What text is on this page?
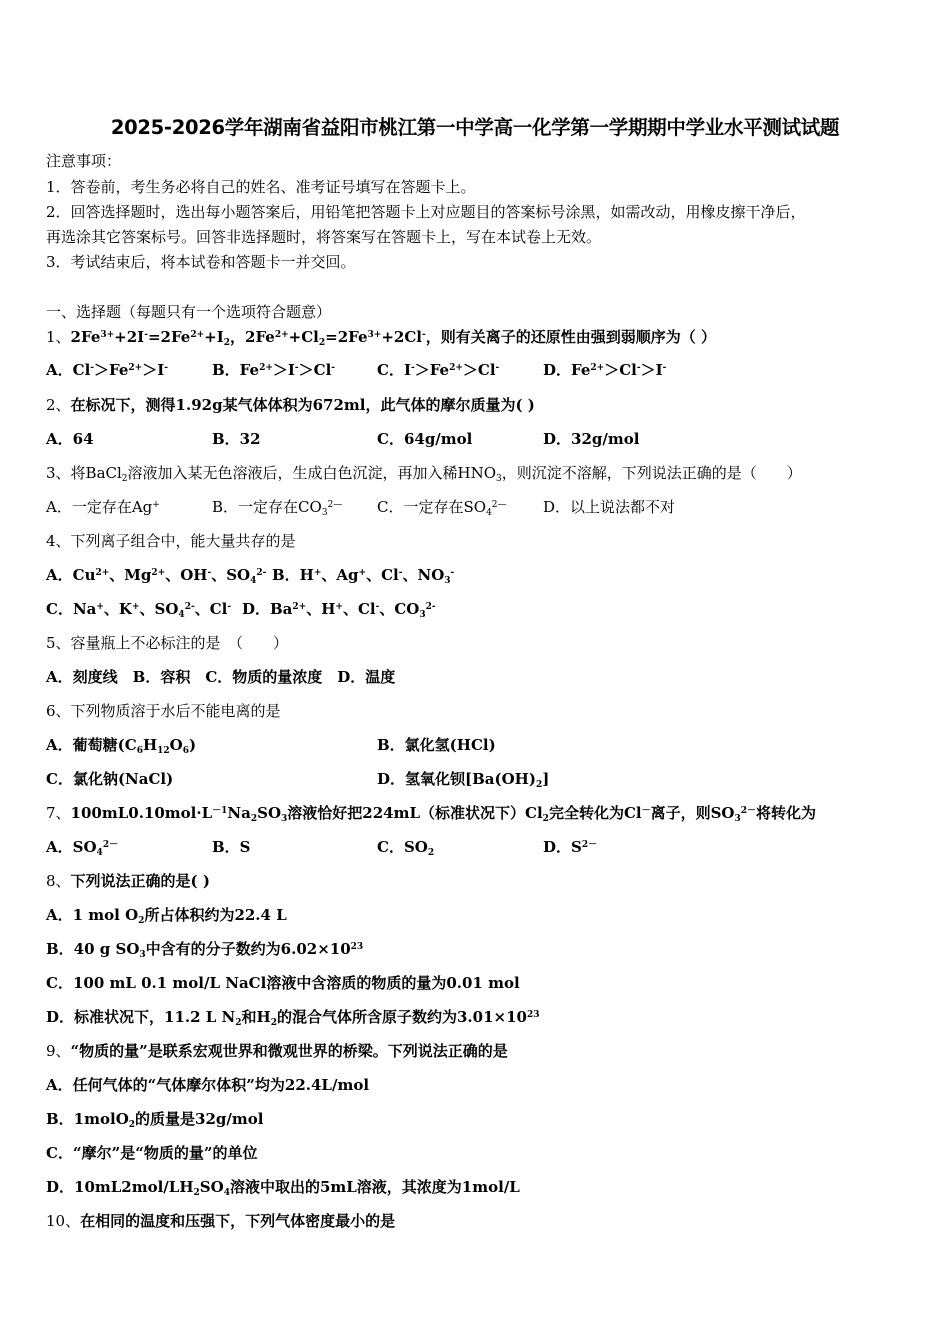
2025-2026学年湖南省益阳市桃江第一中学高一化学第一学期期中学业水平测试试题
注意事项：
1．答卷前，考生务必将自己的姓名、准考证号填写在答题卡上。
2．回答选择题时，选出每小题答案后，用铅笔把答题卡上对应题目的答案标号涂黑，如需改动，用橡皮擦干净后，
再选涂其它答案标号。回答非选择题时，将答案写在答题卡上，写在本试卷上无效。
3．考试结束后，将本试卷和答题卡一并交回。
一、选择题（每题只有一个选项符合题意）
1、$2Fe^{3+}+2I^-=2Fe^{2+}+I_2$，$2Fe^{2+}+Cl_2=2Fe^{3+}+2Cl^-$，则有关离子的还原性由强到弱顺序为（ ）
A．$Cl^->Fe^{2+}>I^-$	B．$Fe^{2+}>I^->Cl^-$	C．$I^->Fe^{2+}>Cl^-$	D．$Fe^{2+}>Cl^->I^-$
2、在标况下，测得1.92g某气体体积为672ml，此气体的摩尔质量为( )
A．64	B．32	C．64g/mol	D．32g/mol
3、将BaCl$_2$溶液加入某无色溶液后，生成白色沉淀，再加入稀$HNO_3$，则沉淀不溶解，下列说法正确的是（　　）
A．一定存在Ag+	B．一定存在$CO_3^{2—}$ C．一定存在$SO_4^{2—}$ D．以上说法都不对
4、下列离子组合中，能大量共存的是
A．$Cu^{2+}$、$Mg^{2+}$、OH-、$SO_4^{2-}$ B．H+、Ag+、Cl-、$NO_3^-$
C．Na+、K+、$SO_4^{2-}$、Cl- D．$Ba^{2+}$、H+、Cl-、$CO_3^{2-}$
5、容量瓶上不必标注的是　（　　）
A．刻度线　B．容积　C．物质的量浓度　D．温度
6、下列物质溶于水后不能电离的是
A．葡萄糖$(C_6H_{12}O_6)$	B．氯化氢(HCl)
C．氯化钠(NaCl)	D．氢氧化钡$[Ba(OH)_2]$
7、$100mL0.10mol\cdot L^{-1}Na_2SO_3$溶液恰好把224mL（标准状况下）$Cl_2$完全转化为Cl－离子，则$SO_3^{2-}$将转化为
A．$SO_4^{2-}$	B．S	C．$SO_2$	D．$S^{2-}$
8、下列说法正确的是( )
A．1 mol $O_2$所占体积约为22.4 L
B．40 g $SO_3$中含有的分子数约为$6.02\times 10^{23}$
C．100 mL 0.1 mol/L NaCl溶液中含溶质的物质的量为0.01 mol
D．标准状况下，11.2 L $N_2$和$H_2$的混合气体所含原子数约为$3.01\times 10^{23}$
9、“物质的量”是联系宏观世界和微观世界的桥梁。下列说法正确的是
A．任何气体的“气体摩尔体积”均为22.4L/mol
B．1molO$_2$的质量是32g/mol
C．“摩尔”是“物质的量”的单位
D．$10mL2mol/LH_2SO_4$溶液中取出的5mL溶液，其浓度为1mol/L
10、在相同的温度和压强下，下列气体密度最小的是
